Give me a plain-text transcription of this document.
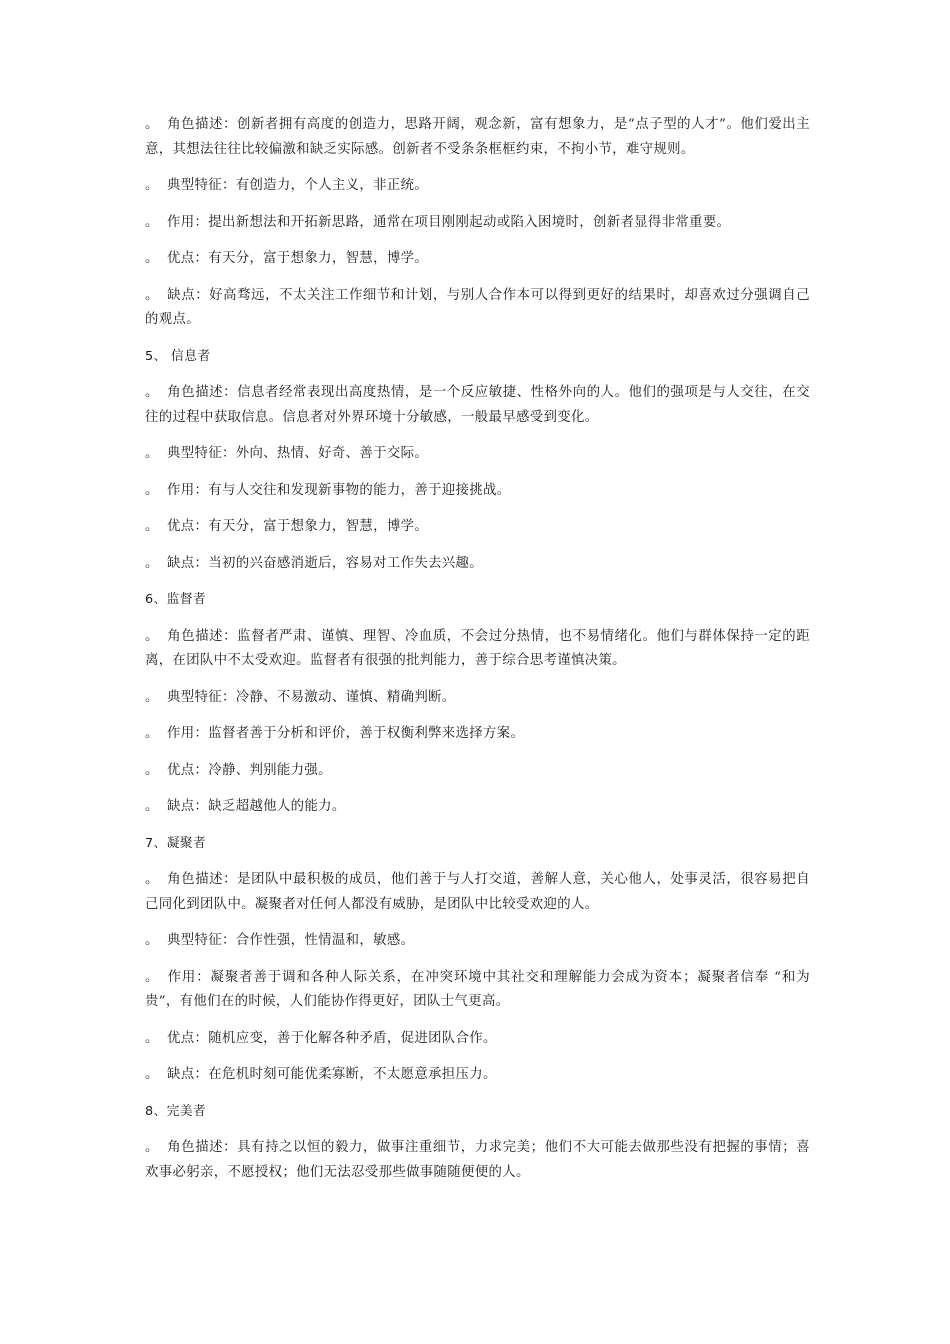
。 角色描述：创新者拥有高度的创造力，思路开阔，观念新，富有想象力，是“点子型的人才”。他们爱出主意，其想法往往比较偏激和缺乏实际感。创新者不受条条框框约束，不拘小节，难守规则。

。 典型特征：有创造力，个人主义，非正统。

。 作用：提出新想法和开拓新思路，通常在项目刚刚起动或陷入困境时，创新者显得非常重要。

。 优点：有天分，富于想象力，智慧，博学。

。 缺点：好高骛远，不太关注工作细节和计划，与别人合作本可以得到更好的结果时，却喜欢过分强调自己的观点。

5、 信息者

。 角色描述：信息者经常表现出高度热情，是一个反应敏捷、性格外向的人。他们的强项是与人交往，在交往的过程中获取信息。信息者对外界环境十分敏感，一般最早感受到变化。

。 典型特征：外向、热情、好奇、善于交际。

。 作用：有与人交往和发现新事物的能力，善于迎接挑战。

。 优点：有天分，富于想象力，智慧，博学。

。 缺点：当初的兴奋感消逝后，容易对工作失去兴趣。

6、监督者

。 角色描述：监督者严肃、谨慎、理智、冷血质，不会过分热情，也不易情绪化。他们与群体保持一定的距离，在团队中不太受欢迎。监督者有很强的批判能力，善于综合思考谨慎决策。

。 典型特征：冷静、不易激动、谨慎、精确判断。

。 作用：监督者善于分析和评价，善于权衡利弊来选择方案。

。 优点：冷静、判别能力强。

。 缺点：缺乏超越他人的能力。

7、凝聚者

。 角色描述：是团队中最积极的成员，他们善于与人打交道，善解人意，关心他人，处事灵活，很容易把自己同化到团队中。凝聚者对任何人都没有威胁，是团队中比较受欢迎的人。

。 典型特征：合作性强，性情温和，敏感。

。 作用：凝聚者善于调和各种人际关系，在冲突环境中其社交和理解能力会成为资本；凝聚者信奉 “和为贵”，有他们在的时候，人们能协作得更好，团队士气更高。

。 优点：随机应变，善于化解各种矛盾，促进团队合作。

。 缺点：在危机时刻可能优柔寡断，不太愿意承担压力。

8、完美者

。 角色描述：具有持之以恒的毅力，做事注重细节，力求完美；他们不大可能去做那些没有把握的事情；喜欢事必躬亲，不愿授权；他们无法忍受那些做事随随便便的人。
